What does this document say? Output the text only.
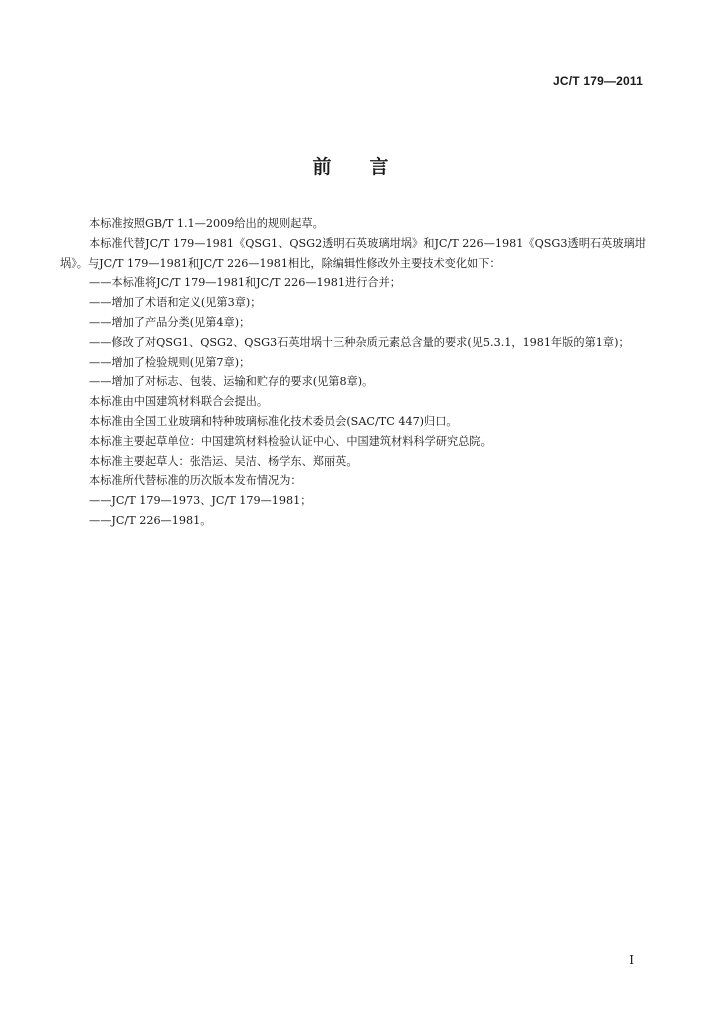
JC/T 179—2011
前　　言

本标准按照GB/T 1.1—2009给出的规则起草。

本标准代替JC/T 179—1981《QSG1、QSG2透明石英玻璃坩埚》和JC/T 226—1981《QSG3透明石英玻璃坩埚》。与JC/T 179—1981和JC/T 226—1981相比，除编辑性修改外主要技术变化如下：

——本标准将JC/T 179—1981和JC/T 226—1981进行合并；

——增加了术语和定义(见第3章)；

——增加了产品分类(见第4章)；

——修改了对QSG1、QSG2、QSG3石英坩埚十三种杂质元素总含量的要求(见5.3.1，1981年版的第1章)；

——增加了检验规则(见第7章)；

——增加了对标志、包装、运输和贮存的要求(见第8章)。

本标准由中国建筑材料联合会提出。

本标准由全国工业玻璃和特种玻璃标准化技术委员会(SAC/TC 447)归口。

本标准主要起草单位：中国建筑材料检验认证中心、中国建筑材料科学研究总院。

本标准主要起草人：张浩运、吴洁、杨学东、郑丽英。

本标准所代替标准的历次版本发布情况为：

——JC/T 179—1973、JC/T 179—1981；

——JC/T 226—1981。

I
